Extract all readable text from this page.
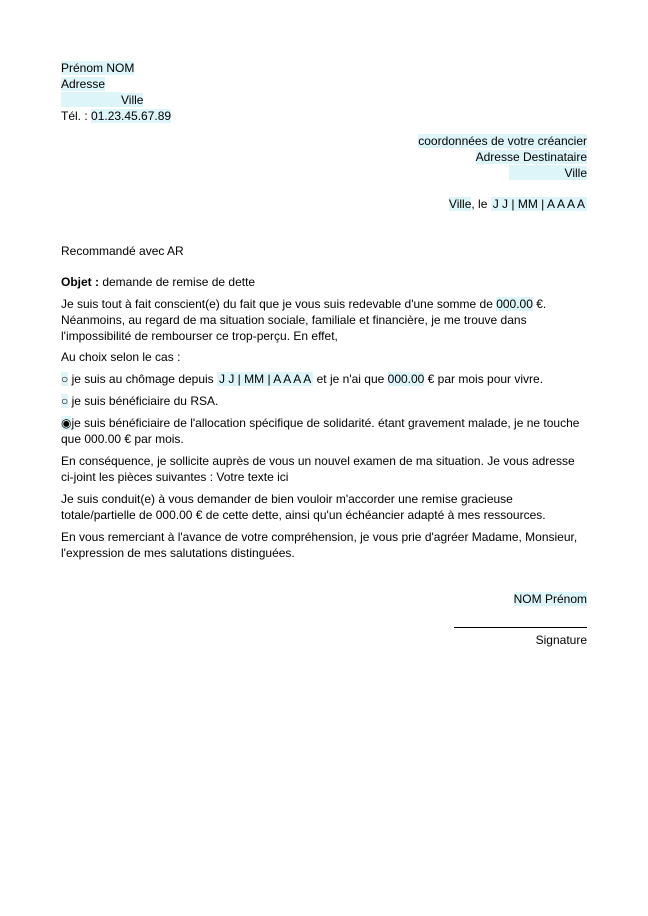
Prénom NOM
Adresse
Ville
Tél. : 01.23.45.67.89
coordonnées de votre créancier
Adresse Destinataire
Ville
Ville, le J J | MM | A A A A
Recommandé avec AR
Objet : demande de remise de dette
Je suis tout à fait conscient(e) du fait que je vous suis redevable d'une somme de 000.00 €.
Néanmoins, au regard de ma situation sociale, familiale et financière, je me trouve dans
l'impossibilité de rembourser ce trop-perçu. En effet,
Au choix selon le cas :
○ je suis au chômage depuis J J | MM | A A A A et je n'ai que 000.00 € par mois pour vivre.
○ je suis bénéficiaire du RSA.
◉je suis bénéficiaire de l'allocation spécifique de solidarité. étant gravement malade, je ne touche
que 000.00 € par mois.
En conséquence, je sollicite auprès de vous un nouvel examen de ma situation. Je vous adresse
ci-joint les pièces suivantes : Votre texte ici
Je suis conduit(e) à vous demander de bien vouloir m'accorder une remise gracieuse
totale/partielle de 000.00 € de cette dette, ainsi qu'un échéancier adapté à mes ressources.
En vous remerciant à l'avance de votre compréhension, je vous prie d'agréer Madame, Monsieur,
l'expression de mes salutations distinguées.
NOM Prénom
Signature
